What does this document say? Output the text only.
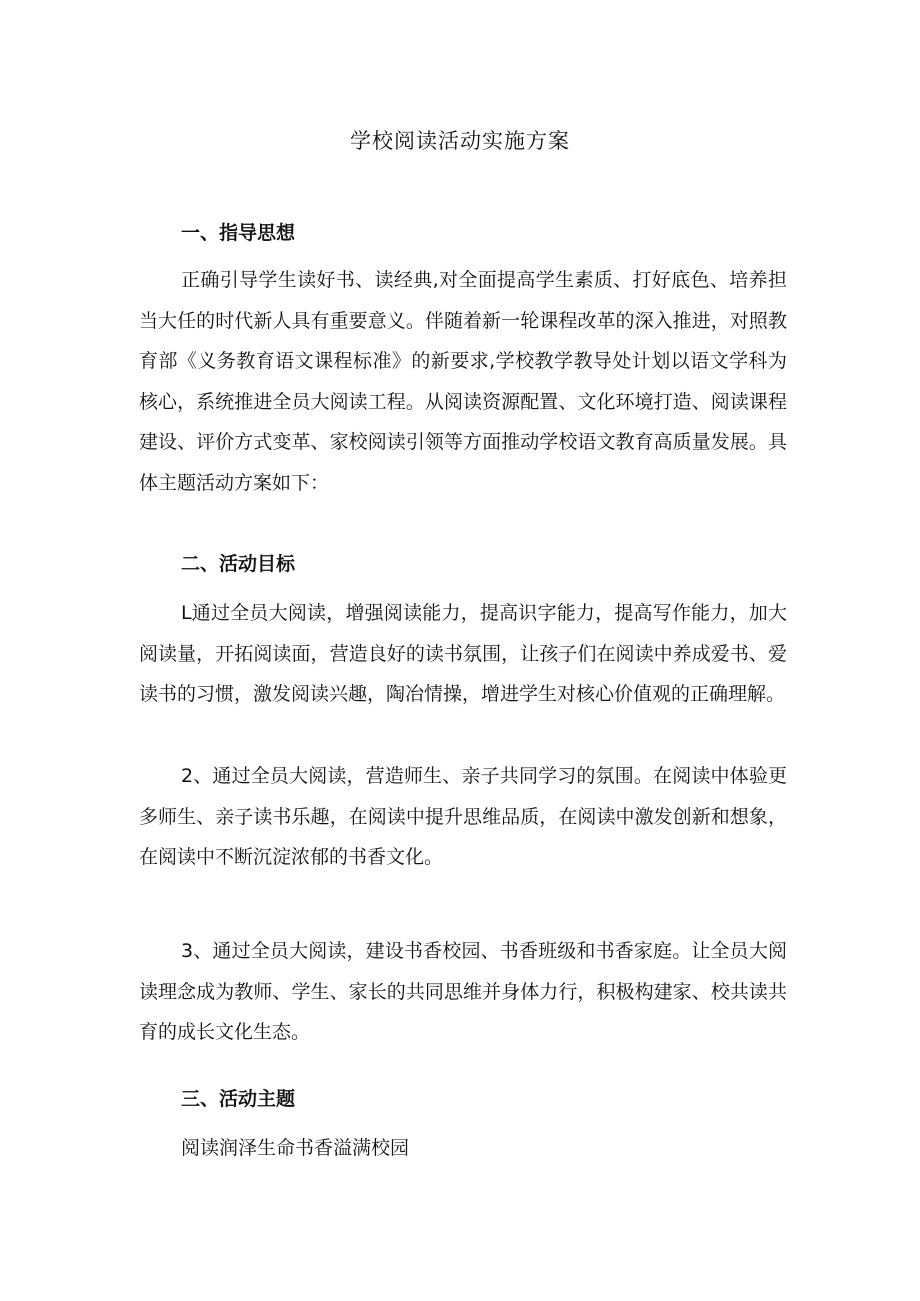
学校阅读活动实施方案
一、指导思想
正确引导学生读好书、读经典,对全面提高学生素质、打好底色、培养担当大任的时代新人具有重要意义。伴随着新一轮课程改革的深入推进，对照教育部《义务教育语文课程标准》的新要求,学校教学教导处计划以语文学科为核心，系统推进全员大阅读工程。从阅读资源配置、文化环境打造、阅读课程建设、评价方式变革、家校阅读引领等方面推动学校语文教育高质量发展。具体主题活动方案如下：
二、活动目标
L通过全员大阅读，增强阅读能力，提高识字能力，提高写作能力，加大阅读量，开拓阅读面，营造良好的读书氛围，让孩子们在阅读中养成爱书、爱读书的习惯，激发阅读兴趣，陶冶情操，增进学生对核心价值观的正确理解。
2、通过全员大阅读，营造师生、亲子共同学习的氛围。在阅读中体验更多师生、亲子读书乐趣，在阅读中提升思维品质，在阅读中激发创新和想象，在阅读中不断沉淀浓郁的书香文化。
3、通过全员大阅读，建设书香校园、书香班级和书香家庭。让全员大阅读理念成为教师、学生、家长的共同思维并身体力行，积极构建家、校共读共育的成长文化生态。
三、活动主题
阅读润泽生命书香溢满校园
